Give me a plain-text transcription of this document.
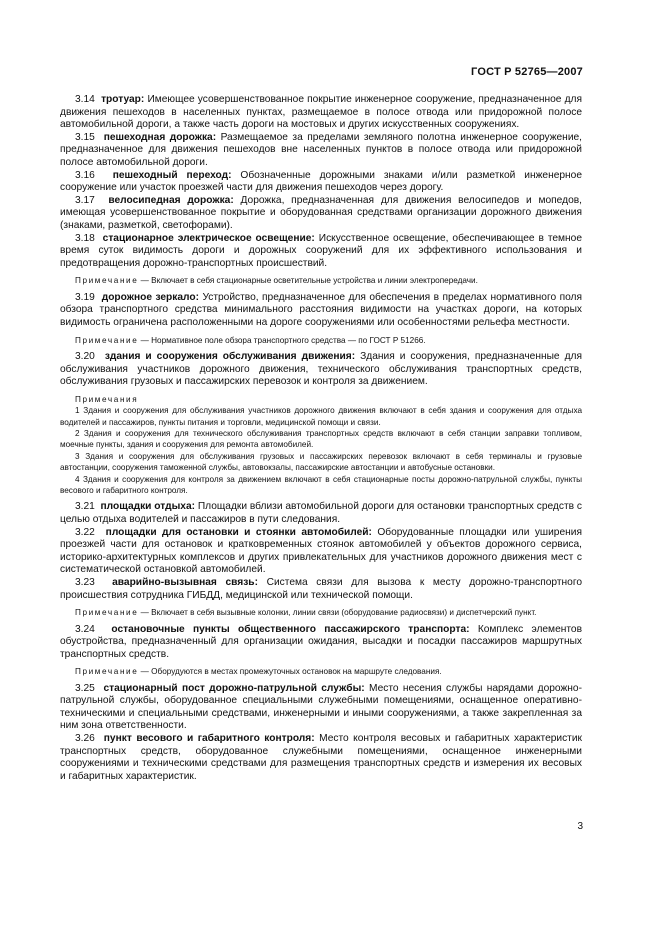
ГОСТ Р 52765—2007

3.14 тротуар: Имеющее усовершенствованное покрытие инженерное сооружение, предназначенное для движения пешеходов в населенных пунктах, размещаемое в полосе отвода или придорожной полосе автомобильной дороги, а также часть дороги на мостовых и других искусственных сооружениях.

3.15 пешеходная дорожка: Размещаемое за пределами земляного полотна инженерное сооружение, предназначенное для движения пешеходов вне населенных пунктов в полосе отвода или придорожной полосе автомобильной дороги.

3.16 пешеходный переход: Обозначенные дорожными знаками и/или разметкой инженерное сооружение или участок проезжей части для движения пешеходов через дорогу.

3.17 велосипедная дорожка: Дорожка, предназначенная для движения велосипедов и мопедов, имеющая усовершенствованное покрытие и оборудованная средствами организации дорожного движения (знаками, разметкой, светофорами).

3.18 стационарное электрическое освещение: Искусственное освещение, обеспечивающее в темное время суток видимость дороги и дорожных сооружений для их эффективного использования и предотвращения дорожно-транспортных происшествий.

Примечание — Включает в себя стационарные осветительные устройства и линии электропередачи.

3.19 дорожное зеркало: Устройство, предназначенное для обеспечения в пределах нормативного поля обзора транспортного средства минимального расстояния видимости на участках дороги, на которых видимость ограничена расположенными на дороге сооружениями или особенностями рельефа местности.

Примечание — Нормативное поле обзора транспортного средства — по ГОСТ Р 51266.

3.20 здания и сооружения обслуживания движения: Здания и сооружения, предназначенные для обслуживания участников дорожного движения, технического обслуживания транспортных средств, обслуживания грузовых и пассажирских перевозок и контроля за движением.

Примечания

1 Здания и сооружения для обслуживания участников дорожного движения включают в себя здания и сооружения для отдыха водителей и пассажиров, пункты питания и торговли, медицинской помощи и связи.

2 Здания и сооружения для технического обслуживания транспортных средств включают в себя станции заправки топливом, моечные пункты, здания и сооружения для ремонта автомобилей.

3 Здания и сооружения для обслуживания грузовых и пассажирских перевозок включают в себя терминалы и грузовые автостанции, сооружения таможенной службы, автовокзалы, пассажирские автостанции и автобусные остановки.

4 Здания и сооружения для контроля за движением включают в себя стационарные посты дорожно-патрульной службы, пункты весового и габаритного контроля.

3.21 площадки отдыха: Площадки вблизи автомобильной дороги для остановки транспортных средств с целью отдыха водителей и пассажиров в пути следования.

3.22 площадки для остановки и стоянки автомобилей: Оборудованные площадки или уширения проезжей части для остановок и кратковременных стоянок автомобилей у объектов дорожного сервиса, историко-архитектурных комплексов и других привлекательных для участников дорожного движения мест с систематической остановкой автомобилей.

3.23 аварийно-вызывная связь: Система связи для вызова к месту дорожно-транспортного происшествия сотрудника ГИБДД, медицинской или технической помощи.

Примечание — Включает в себя вызывные колонки, линии связи (оборудование радиосвязи) и диспетчерский пункт.

3.24 остановочные пункты общественного пассажирского транспорта: Комплекс элементов обустройства, предназначенный для организации ожидания, высадки и посадки пассажиров маршрутных транспортных средств.

Примечание — Оборудуются в местах промежуточных остановок на маршруте следования.

3.25 стационарный пост дорожно-патрульной службы: Место несения службы нарядами дорожно-патрульной службы, оборудованное специальными служебными помещениями, оснащенное оперативно-техническими и специальными средствами, инженерными и иными сооружениями, а также закрепленная за ним зона ответственности.

3.26 пункт весового и габаритного контроля: Место контроля весовых и габаритных характеристик транспортных средств, оборудованное служебными помещениями, оснащенное инженерными сооружениями и техническими средствами для размещения транспортных средств и измерения их весовых и габаритных характеристик.

3
